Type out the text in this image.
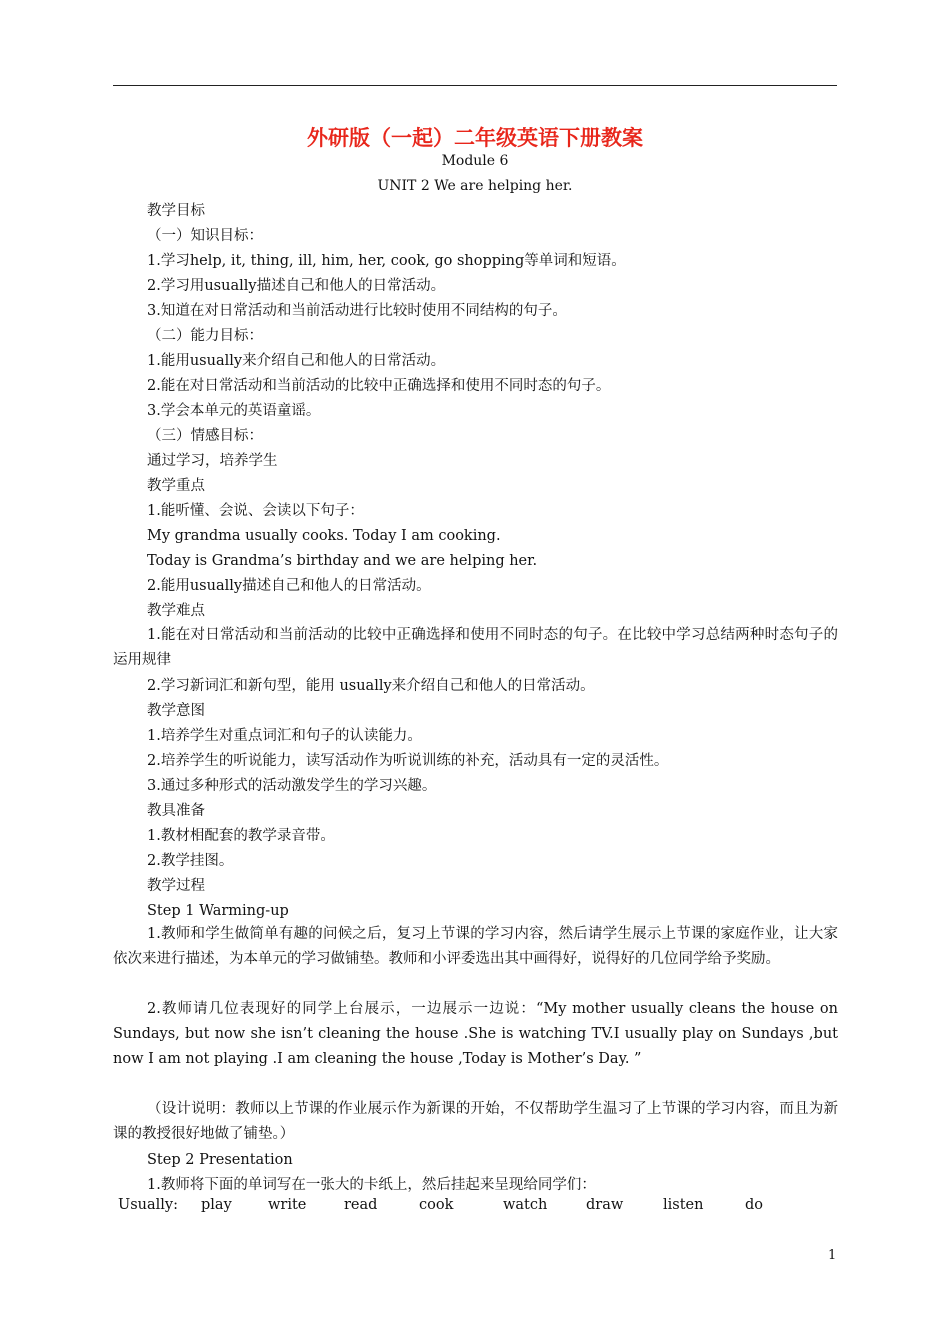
外研版（一起）二年级英语下册教案
Module 6
UNIT 2 We are helping her.
教学目标
（一）知识目标：
1.学习help, it, thing, ill, him, her, cook, go shopping等单词和短语。
2.学习用usually描述自己和他人的日常活动。
3.知道在对日常活动和当前活动进行比较时使用不同结构的句子。
（二）能力目标：
1.能用usually来介绍自己和他人的日常活动。
2.能在对日常活动和当前活动的比较中正确选择和使用不同时态的句子。
3.学会本单元的英语童谣。
（三）情感目标：
通过学习，培养学生
教学重点
1.能听懂、会说、会读以下句子：
My grandma usually cooks. Today I am cooking.
Today is Grandma’s birthday and we are helping her.
2.能用usually描述自己和他人的日常活动。
教学难点
1.能在对日常活动和当前活动的比较中正确选择和使用不同时态的句子。在比较中学习总结两种时态句子的运用规律
2.学习新词汇和新句型，能用 usually来介绍自己和他人的日常活动。
教学意图
1.培养学生对重点词汇和句子的认读能力。
2.培养学生的听说能力，读写活动作为听说训练的补充，活动具有一定的灵活性。
3.通过多种形式的活动激发学生的学习兴趣。
教具准备
1.教材相配套的教学录音带。
2.教学挂图。
教学过程
Step 1 Warming-up
1.教师和学生做简单有趣的问候之后，复习上节课的学习内容，然后请学生展示上节课的家庭作业，让大家依次来进行描述，为本单元的学习做铺垫。教师和小评委选出其中画得好，说得好的几位同学给予奖励。
2.教师请几位表现好的同学上台展示，一边展示一边说：“My mother usually cleans the house on Sundays, but now she isn’t cleaning the house .She is watching TV.I usually play on Sundays ,but now I am not playing .I am cleaning the house ,Today is Mother’s Day. ”
（设计说明：教师以上节课的作业展示作为新课的开始，不仅帮助学生温习了上节课的学习内容，而且为新课的教授很好地做了铺垫。）
Step 2 Presentation
1.教师将下面的单词写在一张大的卡纸上，然后挂起来呈现给同学们：
Usually:	play	write	read	cook	watch	draw	listen	do
1
